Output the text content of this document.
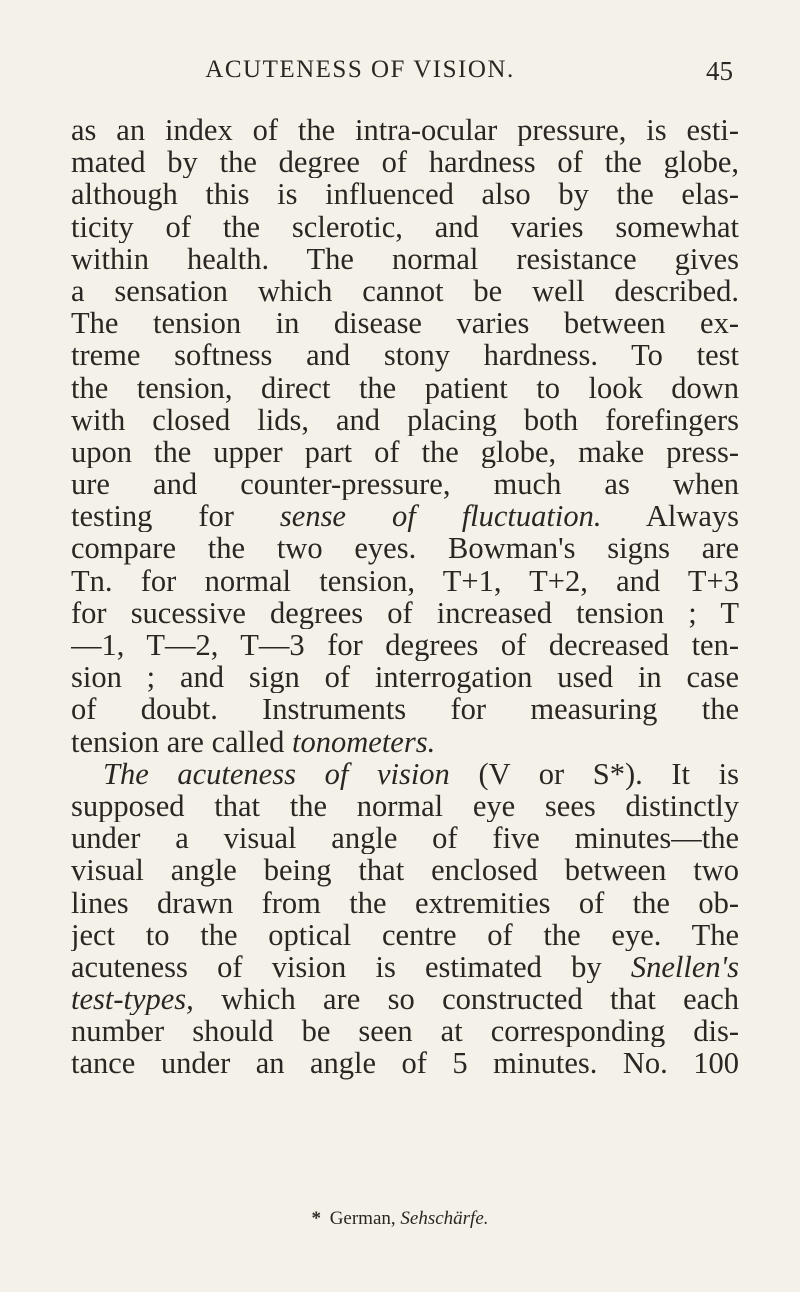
ACUTENESS OF VISION.	45
as an index of the intra-ocular pressure, is esti-
mated by the degree of hardness of the globe,
although this is influenced also by the elas-
ticity of the sclerotic, and varies somewhat
within health. The normal resistance gives
a sensation which cannot be well described.
The tension in disease varies between ex-
treme softness and stony hardness. To test
the tension, direct the patient to look down
with closed lids, and placing both forefingers
upon the upper part of the globe, make press-
ure and counter-pressure, much as when
testing for sense of fluctuation. Always
compare the two eyes. Bowman's signs are
Tn. for normal tension, T+1, T+2, and T+3
for sucessive degrees of increased tension ; T
—1, T—2, T—3 for degrees of decreased ten-
sion ; and sign of interrogation used in case
of doubt. Instruments for measuring the
tension are called tonometers.
The acuteness of vision (V or S*). It is
supposed that the normal eye sees distinctly
under a visual angle of five minutes—the
visual angle being that enclosed between two
lines drawn from the extremities of the ob-
ject to the optical centre of the eye. The
acuteness of vision is estimated by Snellen's
test-types, which are so constructed that each
number should be seen at corresponding dis-
tance under an angle of 5 minutes. No. 100
* German, Sehschärfe.
